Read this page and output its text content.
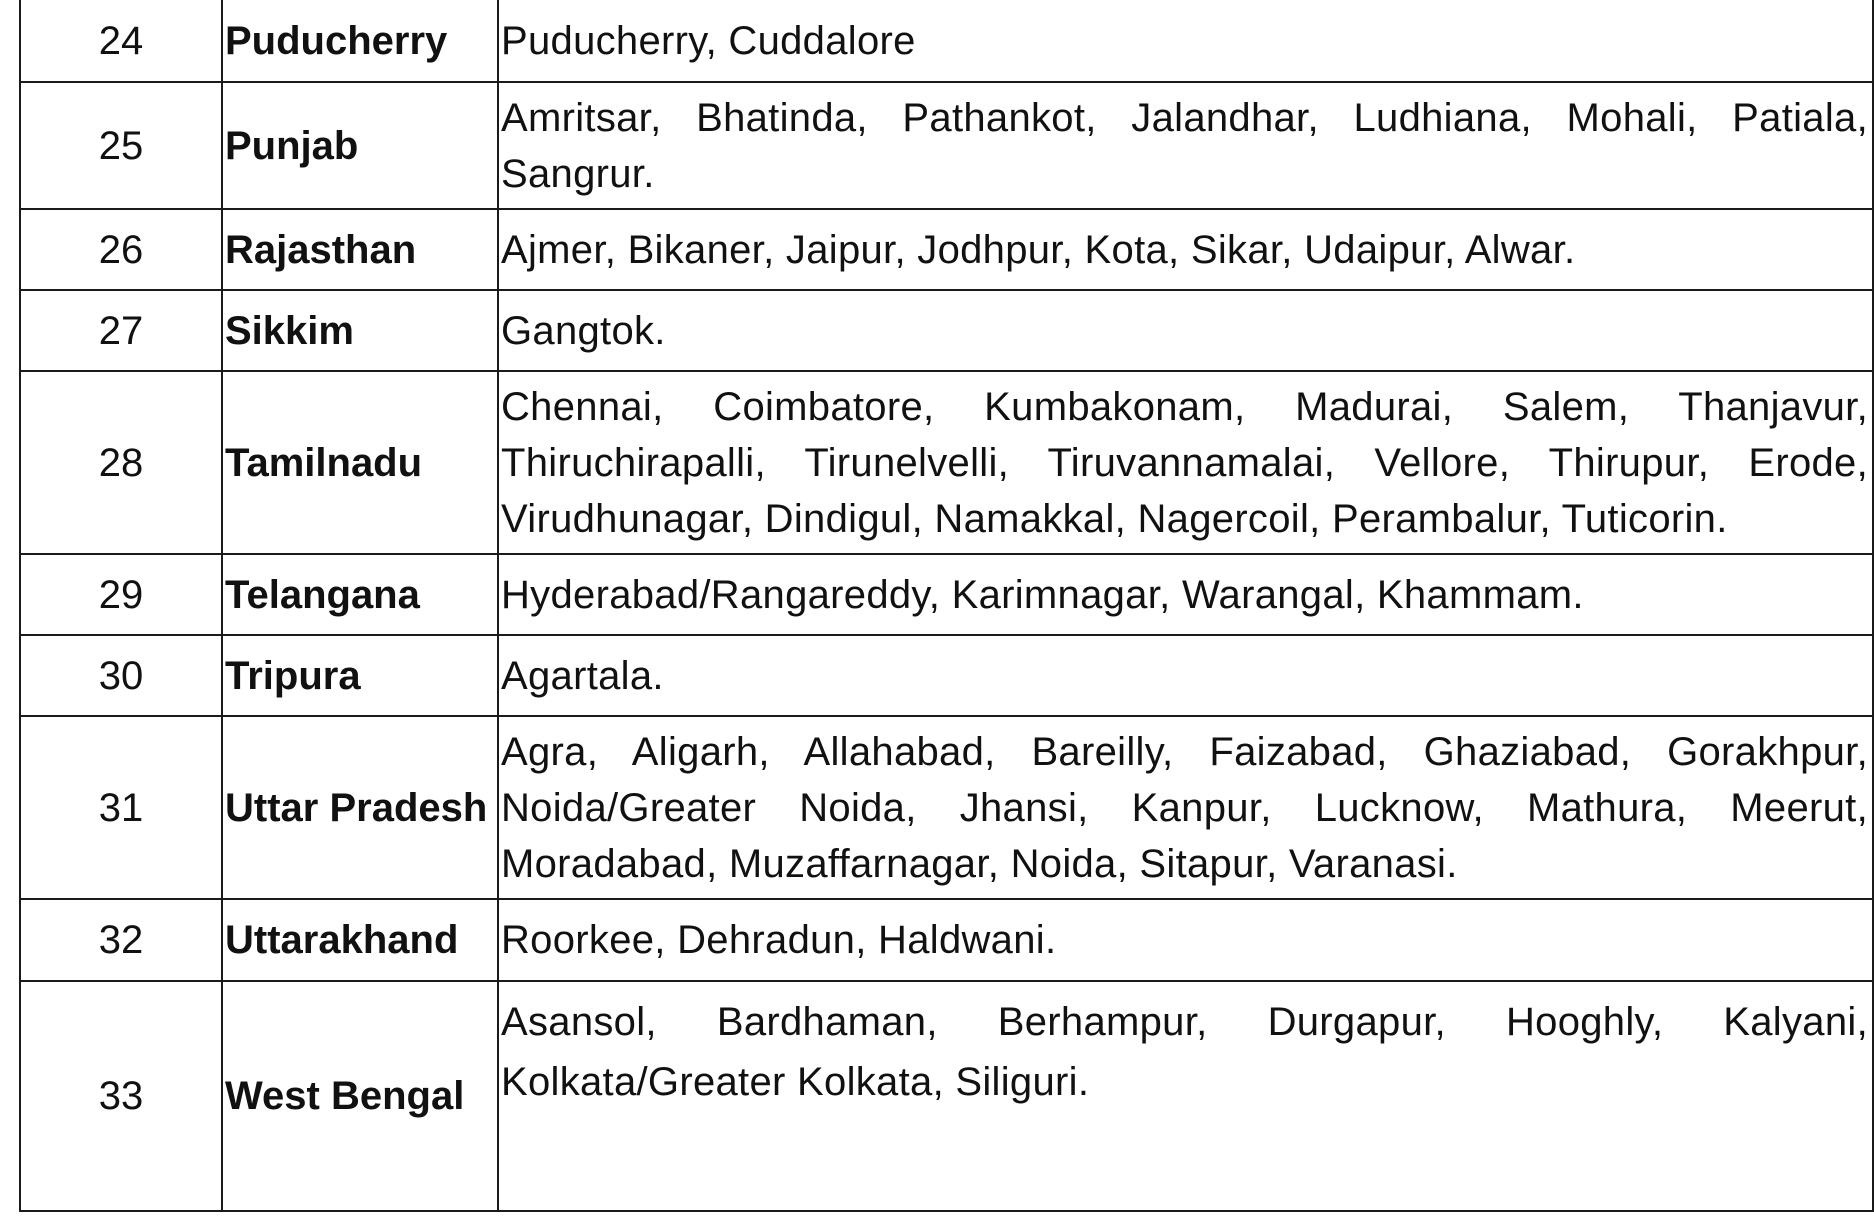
24	Puducherry	Puducherry, Cuddalore
25	Punjab	Amritsar, Bhatinda, Pathankot, Jalandhar, Ludhiana, Mohali, Patiala, Sangrur.
26	Rajasthan	Ajmer, Bikaner, Jaipur, Jodhpur, Kota, Sikar, Udaipur, Alwar.
27	Sikkim	Gangtok.
28	Tamilnadu	Chennai, Coimbatore, Kumbakonam, Madurai, Salem, Thanjavur, Thiruchirapalli, Tirunelvelli, Tiruvannamalai, Vellore, Thirupur, Erode, Virudhunagar, Dindigul, Namakkal, Nagercoil, Perambalur, Tuticorin.
29	Telangana	Hyderabad/Rangareddy, Karimnagar, Warangal, Khammam.
30	Tripura	Agartala.
31	Uttar Pradesh	Agra, Aligarh, Allahabad, Bareilly, Faizabad, Ghaziabad, Gorakhpur, Noida/Greater Noida, Jhansi, Kanpur, Lucknow, Mathura, Meerut, Moradabad, Muzaffarnagar, Noida, Sitapur, Varanasi.
32	Uttarakhand	Roorkee, Dehradun, Haldwani.
33	West Bengal	Asansol, Bardhaman, Berhampur, Durgapur, Hooghly, Kalyani, Kolkata/Greater Kolkata, Siliguri.
